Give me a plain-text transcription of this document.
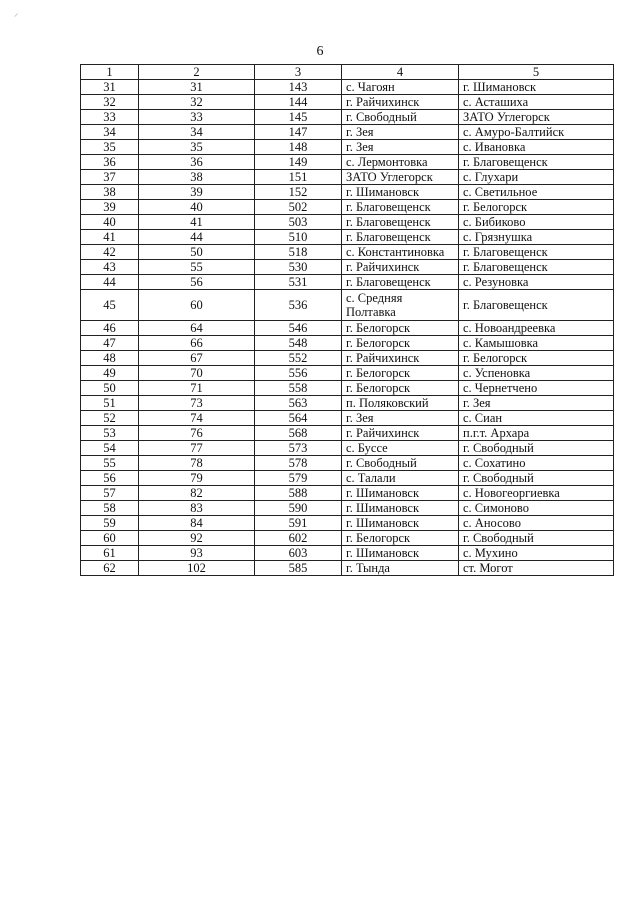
⸝
6
1	2	3	4	5
31	31	143	с. Чагоян	г. Шимановск
32	32	144	г. Райчихинск	с. Асташиха
33	33	145	г. Свободный	ЗАТО Углегорск
34	34	147	г. Зея	с. Амуро-Балтийск
35	35	148	г. Зея	с. Ивановка
36	36	149	с. Лермонтовка	г. Благовещенск
37	38	151	ЗАТО Углегорск	с. Глухари
38	39	152	г. Шимановск	с. Светильное
39	40	502	г. Благовещенск	г. Белогорск
40	41	503	г. Благовещенск	с. Бибиково
41	44	510	г. Благовещенск	с. Грязнушка
42	50	518	с. Константиновка	г. Благовещенск
43	55	530	г. Райчихинск	г. Благовещенск
44	56	531	г. Благовещенск	с. Резуновка
45	60	536	с. Средняя Полтавка	г. Благовещенск
46	64	546	г. Белогорск	с. Новоандреевка
47	66	548	г. Белогорск	с. Камышовка
48	67	552	г. Райчихинск	г. Белогорск
49	70	556	г. Белогорск	с. Успеновка
50	71	558	г. Белогорск	с. Чернетчено
51	73	563	п. Поляковский	г. Зея
52	74	564	г. Зея	с. Сиан
53	76	568	г. Райчихинск	п.г.т. Архара
54	77	573	с. Буссе	г. Свободный
55	78	578	г. Свободный	с. Сохатино
56	79	579	с. Талали	г. Свободный
57	82	588	г. Шимановск	с. Новогеоргиевка
58	83	590	г. Шимановск	с. Симоново
59	84	591	г. Шимановск	с. Аносово
60	92	602	г. Белогорск	г. Свободный
61	93	603	г. Шимановск	с. Мухино
62	102	585	г. Тында	ст. Могот
